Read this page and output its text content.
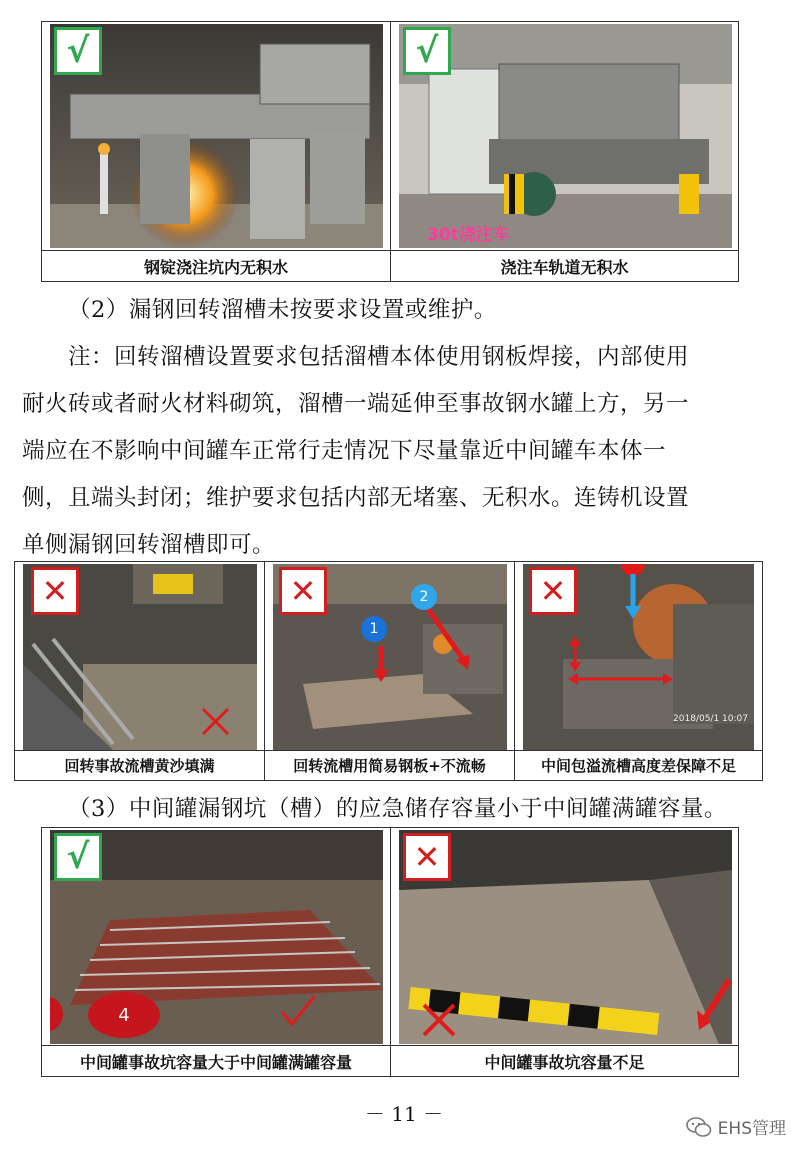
√
钢锭浇注坑内无积水
30t浇注车
√
浇注车轨道无积水

（2）漏钢回转溜槽未按要求设置或维护。

注：回转溜槽设置要求包括溜槽本体使用钢板焊接，内部使用

耐火砖或者耐火材料砌筑，溜槽一端延伸至事故钢水罐上方，另一

端应在不影响中间罐车正常行走情况下尽量靠近中间罐车本体一

侧，且端头封闭；维护要求包括内部无堵塞、无积水。连铸机设置

单侧漏钢回转溜槽即可。

✕
回转事故流槽黄沙填满
1
2
✕
回转流槽用简易钢板+不流畅
2018/05/1 10:07
✕
中间包溢流槽高度差保障不足

（3）中间罐漏钢坑（槽）的应急储存容量小于中间罐满罐容量。

4
√
中间罐事故坑容量大于中间罐满罐容量
✕
中间罐事故坑容量不足
－ 11 －
EHS管理
